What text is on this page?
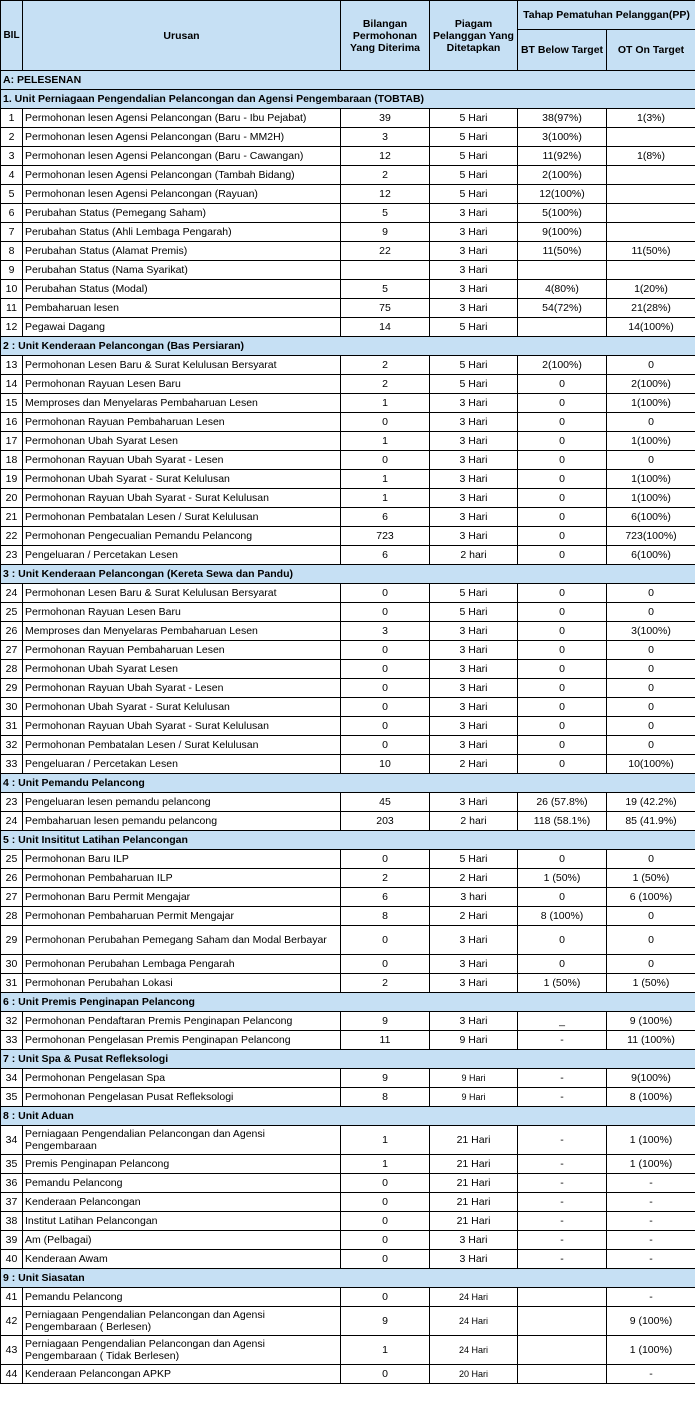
BIL	Urusan	Bilangan Permohonan Yang Diterima	Piagam Pelanggan Yang Ditetapkan	Tahap Pematuhan Pelanggan(PP)	
				BT Below Target	OT On Target
A: PELESENAN					
1. Unit Perniagaan Pengendalian Pelancongan dan Agensi Pengembaraan (TOBTAB)					
1	Permohonan lesen Agensi Pelancongan (Baru - Ibu Pejabat)	39	5 Hari	38(97%)	1(3%)
2	Permohonan lesen Agensi Pelancongan (Baru - MM2H)	3	5 Hari	3(100%)	
3	Permohonan lesen Agensi Pelancongan (Baru - Cawangan)	12	5 Hari	11(92%)	1(8%)
4	Permohonan lesen Agensi Pelancongan (Tambah Bidang)	2	5 Hari	2(100%)	
5	Permohonan lesen Agensi Pelancongan (Rayuan)	12	5 Hari	12(100%)	
6	Perubahan Status (Pemegang Saham)	5	3 Hari	5(100%)	
7	Perubahan Status (Ahli Lembaga Pengarah)	9	3 Hari	9(100%)	
8	Perubahan Status (Alamat Premis)	22	3 Hari	11(50%)	11(50%)
9	Perubahan Status (Nama Syarikat)		3 Hari		
10	Perubahan Status (Modal)	5	3 Hari	4(80%)	1(20%)
11	Pembaharuan lesen	75	3 Hari	54(72%)	21(28%)
12	Pegawai Dagang	14	5 Hari		14(100%)
2 : Unit Kenderaan Pelancongan (Bas Persiaran)					
13	Permohonan Lesen Baru & Surat Kelulusan Bersyarat	2	5 Hari	2(100%)	0
14	Permohonan Rayuan Lesen Baru	2	5 Hari	0	2(100%)
15	Memproses dan Menyelaras Pembaharuan Lesen	1	3 Hari	0	1(100%)
16	Permohonan Rayuan Pembaharuan Lesen	0	3 Hari	0	0
17	Permohonan Ubah Syarat Lesen	1	3 Hari	0	1(100%)
18	Permohonan Rayuan Ubah Syarat - Lesen	0	3 Hari	0	0
19	Permohonan Ubah Syarat - Surat Kelulusan	1	3 Hari	0	1(100%)
20	Permohonan Rayuan Ubah Syarat - Surat Kelulusan	1	3 Hari	0	1(100%)
21	Permohonan Pembatalan Lesen / Surat Kelulusan	6	3 Hari	0	6(100%)
22	Permohonan Pengecualian Pemandu Pelancong	723	3 Hari	0	723(100%)
23	Pengeluaran / Percetakan Lesen	6	2 hari	0	6(100%)
3 : Unit Kenderaan Pelancongan (Kereta Sewa dan Pandu)					
24	Permohonan Lesen Baru & Surat Kelulusan Bersyarat	0	5 Hari	0	0
25	Permohonan Rayuan Lesen Baru	0	5 Hari	0	0
26	Memproses dan Menyelaras Pembaharuan Lesen	3	3 Hari	0	3(100%)
27	Permohonan Rayuan Pembaharuan Lesen	0	3 Hari	0	0
28	Permohonan Ubah Syarat Lesen	0	3 Hari	0	0
29	Permohonan Rayuan Ubah Syarat - Lesen	0	3 Hari	0	0
30	Permohonan Ubah Syarat - Surat Kelulusan	0	3 Hari	0	0
31	Permohonan Rayuan Ubah Syarat - Surat Kelulusan	0	3 Hari	0	0
32	Permohonan Pembatalan Lesen / Surat Kelulusan	0	3 Hari	0	0
33	Pengeluaran / Percetakan Lesen	10	2 Hari	0	10(100%)
4 : Unit Pemandu Pelancong					
23	Pengeluaran lesen pemandu pelancong	45	3 Hari	26 (57.8%)	19 (42.2%)
24	Pembaharuan lesen pemandu pelancong	203	2 hari	118 (58.1%)	85 (41.9%)
5 : Unit Insititut Latihan Pelancongan					
25	Permohonan Baru ILP	0	5 Hari	0	0
26	Permohonan Pembaharuan ILP	2	2 Hari	1 (50%)	1 (50%)
27	Permohonan Baru Permit Mengajar	6	3 hari	0	6 (100%)
28	Permohonan Pembaharuan Permit Mengajar	8	2 Hari	8 (100%)	0
29	Permohonan Perubahan Pemegang Saham dan Modal Berbayar	0	3 Hari	0	0
30	Permohonan Perubahan Lembaga Pengarah	0	3 Hari	0	0
31	Permohonan Perubahan Lokasi	2	3 Hari	1 (50%)	1 (50%)
6 : Unit Premis Penginapan Pelancong					
32	Permohonan Pendaftaran Premis Penginapan Pelancong	9	3 Hari	_	9 (100%)
33	Permohonan Pengelasan Premis Penginapan Pelancong	11	9 Hari	-	11 (100%)
7 : Unit Spa & Pusat Refleksologi					
34	Permohonan Pengelasan Spa	9	9 Hari	-	9(100%)
35	Permohonan Pengelasan Pusat Refleksologi	8	9 Hari	-	8 (100%)
8 : Unit Aduan					
34	Perniagaan Pengendalian Pelancongan dan Agensi Pengembaraan	1	21 Hari	-	1 (100%)
35	Premis Penginapan Pelancong	1	21 Hari	-	1 (100%)
36	Pemandu Pelancong	0	21 Hari	-	-
37	Kenderaan Pelancongan	0	21 Hari	-	-
38	Institut Latihan Pelancongan	0	21 Hari	-	-
39	Am (Pelbagai)	0	3 Hari	-	-
40	Kenderaan Awam	0	3 Hari	-	-
9 : Unit Siasatan					
41	Pemandu Pelancong	0	24 Hari		-
42	Perniagaan Pengendalian Pelancongan dan Agensi Pengembaraan ( Berlesen)	9	24 Hari		9 (100%)
43	Perniagaan Pengendalian Pelancongan dan Agensi Pengembaraan ( Tidak Berlesen)	1	24 Hari		1 (100%)
44	Kenderaan Pelancongan APKP	0	20 Hari		-
